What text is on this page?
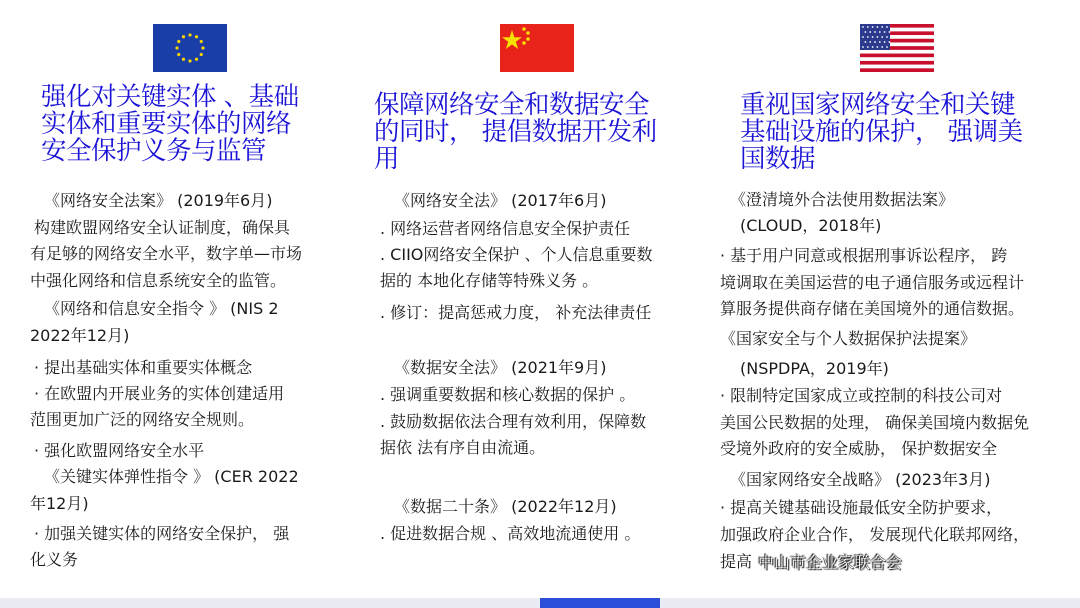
强化对关键实体 、基础
实体和重要实体的网络
安全保护义务与监管
《网络安全法案》 (2019年6月)
构建欧盟网络安全认证制度，确保具
有足够的网络安全水平，数字单—市场
中强化网络和信息系统安全的监管。
《网络和信息安全指令 》 (NIS 2
2022年12月)
· 提出基础实体和重要实体概念
· 在欧盟内开展业务的实体创建适用
范围更加广泛的网络安全规则。
· 强化欧盟网络安全水平
《关键实体弹性指令 》 (CER 2022
年12月)
· 加强关键实体的网络安全保护， 强
化义务
保障网络安全和数据安全
的同时， 提倡数据开发利
用
《网络安全法》 (2017年6月)
. 网络运营者网络信息安全保护责任
. CIIO网络安全保护 、个人信息重要数
据的 本地化存储等特殊义务 。
. 修订：提高惩戒力度， 补充法律责任
《数据安全法》 (2021年9月)
. 强调重要数据和核心数据的保护 。
. 鼓励数据依法合理有效利用，保障数
据依 法有序自由流通。
《数据二十条》 (2022年12月)
. 促进数据合规 、高效地流通使用 。
重视国家网络安全和关键
基础设施的保护， 强调美
国数据
《澄清境外合法使用数据法案》
(CLOUD，2018年)
· 基于用户同意或根据刑事诉讼程序， 跨
境调取在美国运营的电子通信服务或远程计
算服务提供商存储在美国境外的通信数据。
《国家安全与个人数据保护法提案》
(NSPDPA，2019年)
· 限制特定国家成立或控制的科技公司对
美国公民数据的处理， 确保美国境内数据免
受境外政府的安全威胁， 保护数据安全
《国家网络安全战略》 (2023年3月)
· 提高关键基础设施最低安全防护要求，
加强政府企业合作， 发展现代化联邦网络，
提高 中山市企业家联合会
